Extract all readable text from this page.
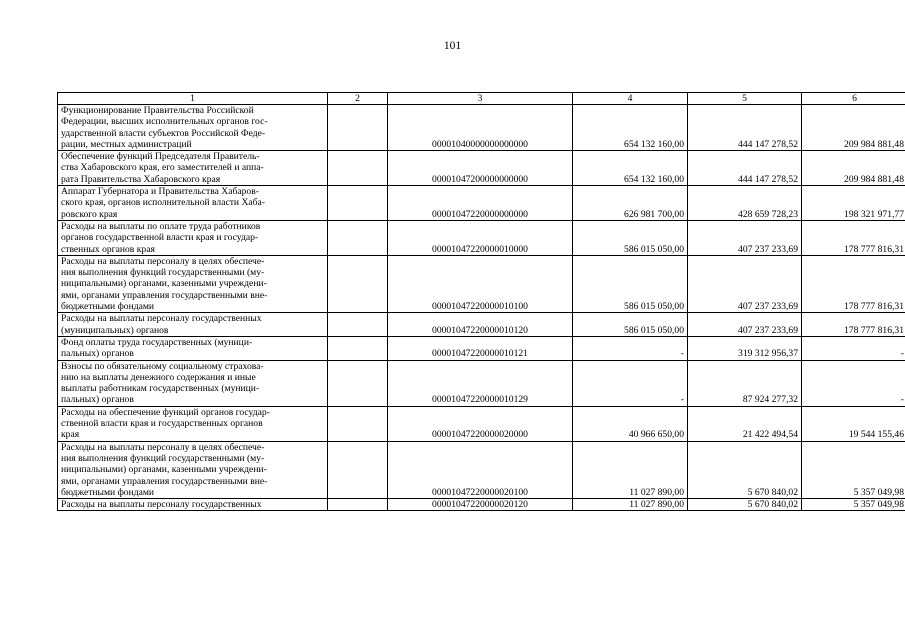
101
1	2	3	4	5	6

Функционирование Правительства Российской
Федерации, высших исполнительных органов гос-
ударственной власти субъектов Российской Феде-
рации, местных администраций		00001040000000000000	654 132 160,00	444 147 278,52	209 984 881,48

Обеспечение функций Председателя Правитель-
ства Хабаровского края, его заместителей и аппа-
рата Правительства Хабаровского края		00001047200000000000	654 132 160,00	444 147 278,52	209 984 881,48

Аппарат Губернатора и Правительства Хабаров-
ского края, органов исполнительной власти Хаба-
ровского края		00001047220000000000	626 981 700,00	428 659 728,23	198 321 971,77

Расходы на выплаты по оплате труда работников
органов государственной власти края и государ-
ственных органов края		00001047220000010000	586 015 050,00	407 237 233,69	178 777 816,31

Расходы на выплаты персоналу в целях обеспече-
ния выполнения функций государственными (му-
ниципальными) органами, казенными учреждени-
ями, органами управления государственными вне-
бюджетными фондами		00001047220000010100	586 015 050,00	407 237 233,69	178 777 816,31

Расходы на выплаты персоналу государственных
(муниципальных) органов		00001047220000010120	586 015 050,00	407 237 233,69	178 777 816,31

Фонд оплаты труда государственных (муници-
пальных) органов		00001047220000010121	-	319 312 956,37	-

Взносы по обязательному социальному страхова-
нию на выплаты денежного содержания и иные
выплаты работникам государственных (муници-
пальных) органов		00001047220000010129	-	87 924 277,32	-

Расходы на обеспечение функций органов государ-
ственной власти края и государственных органов
края		00001047220000020000	40 966 650,00	21 422 494,54	19 544 155,46

Расходы на выплаты персоналу в целях обеспече-
ния выполнения функций государственными (му-
ниципальными) органами, казенными учреждени-
ями, органами управления государственными вне-
бюджетными фондами		00001047220000020100	11 027 890,00	5 670 840,02	5 357 049,98

Расходы на выплаты персоналу государственных		00001047220000020120	11 027 890,00	5 670 840,02	5 357 049,98
